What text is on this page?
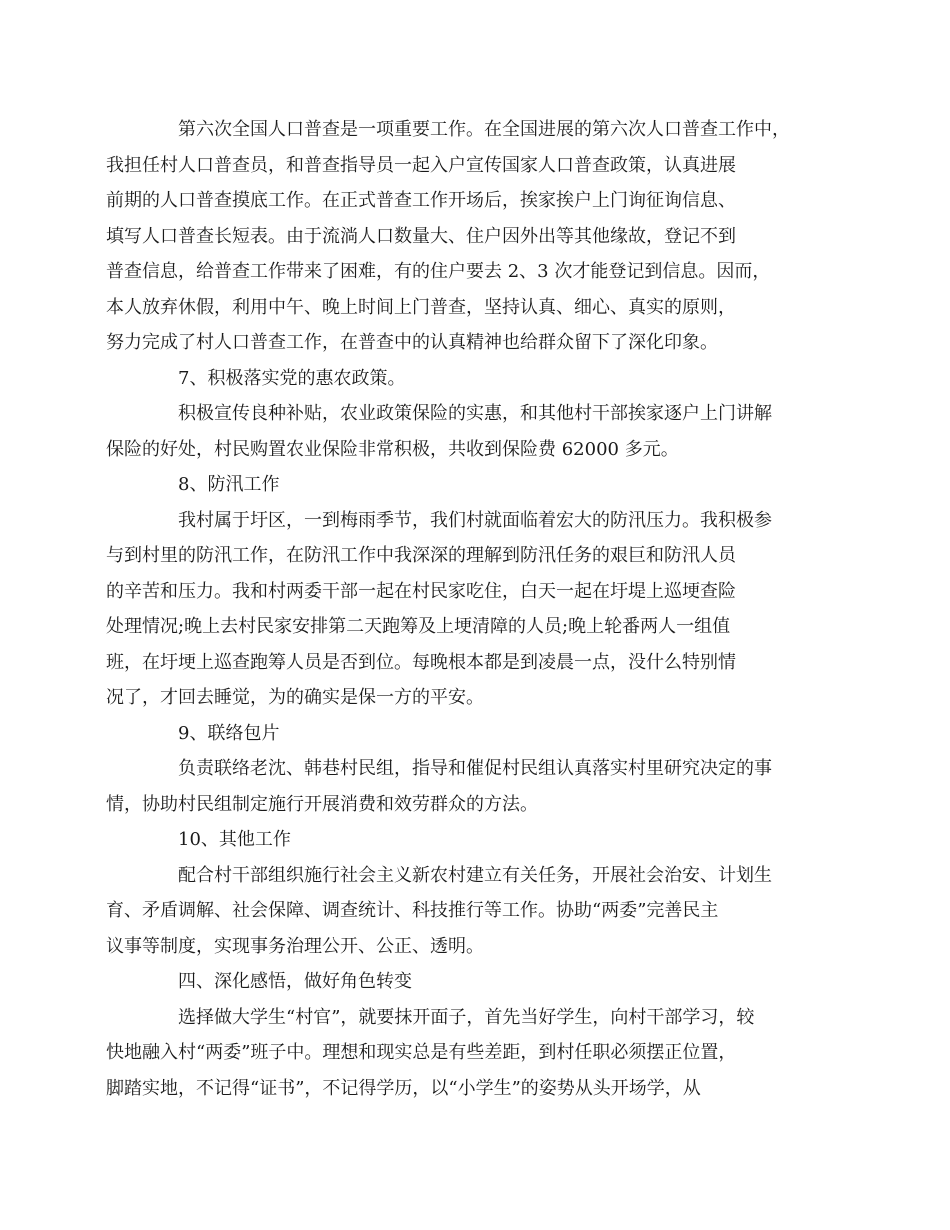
第六次全国人口普查是一项重要工作。在全国进展的第六次人口普查工作中，
我担任村人口普查员，和普查指导员一起入户宣传国家人口普查政策，认真进展
前期的人口普查摸底工作。在正式普查工作开场后，挨家挨户上门询征询信息、
填写人口普查长短表。由于流淌人口数量大、住户因外出等其他缘故，登记不到
普查信息，给普查工作带来了困难，有的住户要去 2、3 次才能登记到信息。因而，
本人放弃休假，利用中午、晚上时间上门普查，坚持认真、细心、真实的原则，
努力完成了村人口普查工作，在普查中的认真精神也给群众留下了深化印象。
7、积极落实党的惠农政策。
积极宣传良种补贴，农业政策保险的实惠，和其他村干部挨家逐户上门讲解
保险的好处，村民购置农业保险非常积极，共收到保险费 62000 多元。
8、防汛工作
我村属于圩区，一到梅雨季节，我们村就面临着宏大的防汛压力。我积极参
与到村里的防汛工作，在防汛工作中我深深的理解到防汛任务的艰巨和防汛人员
的辛苦和压力。我和村两委干部一起在村民家吃住，白天一起在圩堤上巡埂查险
处理情况;晚上去村民家安排第二天跑筹及上埂清障的人员;晚上轮番两人一组值
班，在圩埂上巡查跑筹人员是否到位。每晚根本都是到凌晨一点，没什么特别情
况了，才回去睡觉，为的确实是保一方的平安。
9、联络包片
负责联络老沈、韩巷村民组，指导和催促村民组认真落实村里研究决定的事
情，协助村民组制定施行开展消费和效劳群众的方法。
10、其他工作
配合村干部组织施行社会主义新农村建立有关任务，开展社会治安、计划生
育、矛盾调解、社会保障、调查统计、科技推行等工作。协助“两委”完善民主
议事等制度，实现事务治理公开、公正、透明。
四、深化感悟，做好角色转变
选择做大学生“村官”，就要抹开面子，首先当好学生，向村干部学习，较
快地融入村“两委”班子中。理想和现实总是有些差距，到村任职必须摆正位置，
脚踏实地，不记得“证书”，不记得学历，以“小学生”的姿势从头开场学，从
